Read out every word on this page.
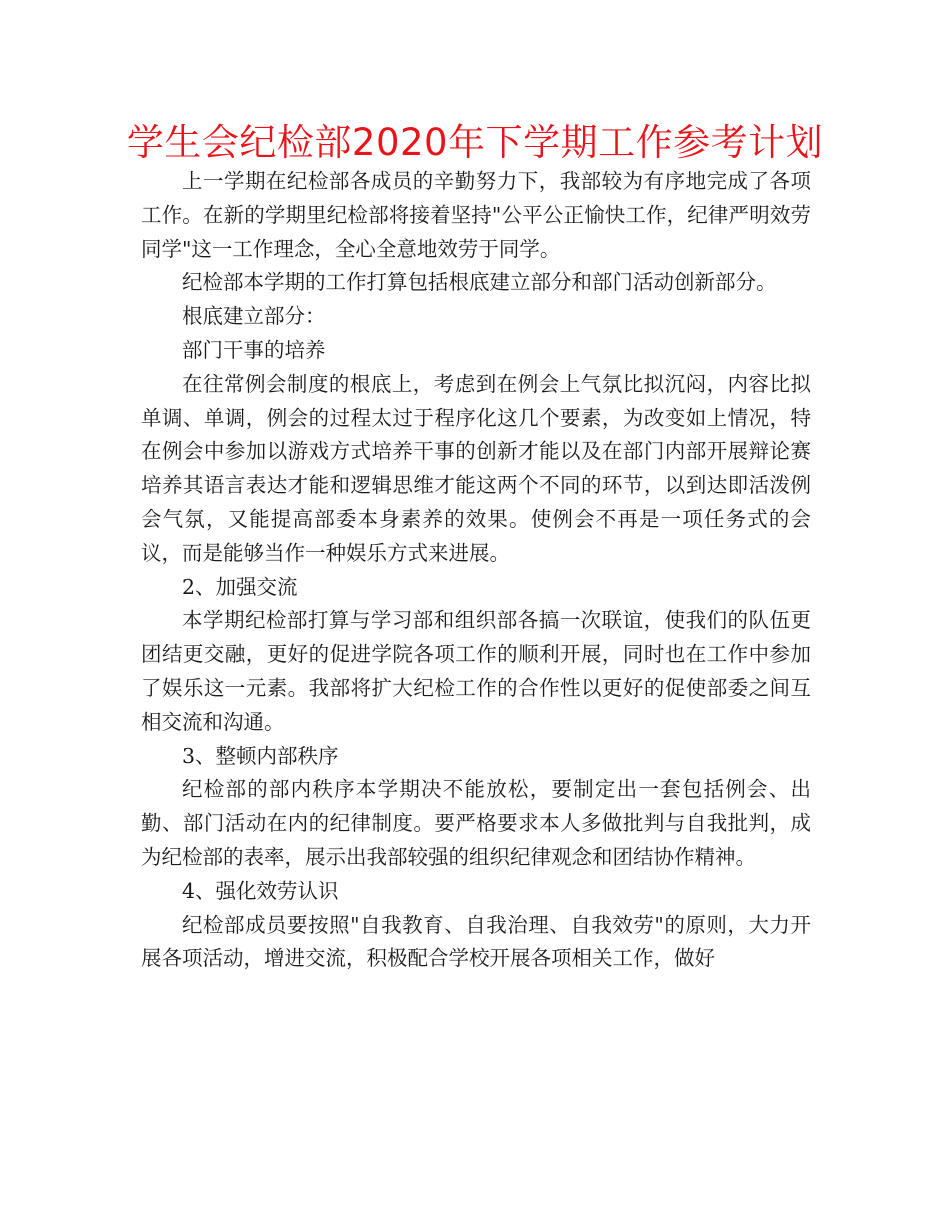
学生会纪检部2020年下学期工作参考计划

上一学期在纪检部各成员的辛勤努力下，我部较为有序地完成了各项工作。在新的学期里纪检部将接着坚持"公平公正愉快工作，纪律严明效劳同学"这一工作理念，全心全意地效劳于同学。

纪检部本学期的工作打算包括根底建立部分和部门活动创新部分。

根底建立部分：

部门干事的培养

在往常例会制度的根底上，考虑到在例会上气氛比拟沉闷，内容比拟单调、单调，例会的过程太过于程序化这几个要素，为改变如上情况，特在例会中参加以游戏方式培养干事的创新才能以及在部门内部开展辩论赛培养其语言表达才能和逻辑思维才能这两个不同的环节，以到达即活泼例会气氛，又能提高部委本身素养的效果。使例会不再是一项任务式的会议，而是能够当作一种娱乐方式来进展。

2、加强交流

本学期纪检部打算与学习部和组织部各搞一次联谊，使我们的队伍更团结更交融，更好的促进学院各项工作的顺利开展，同时也在工作中参加了娱乐这一元素。我部将扩大纪检工作的合作性以更好的促使部委之间互相交流和沟通。

3、整顿内部秩序

纪检部的部内秩序本学期决不能放松，要制定出一套包括例会、出勤、部门活动在内的纪律制度。要严格要求本人多做批判与自我批判，成为纪检部的表率，展示出我部较强的组织纪律观念和团结协作精神。

4、强化效劳认识

纪检部成员要按照"自我教育、自我治理、自我效劳"的原则，大力开展各项活动，增进交流，积极配合学校开展各项相关工作，做好
